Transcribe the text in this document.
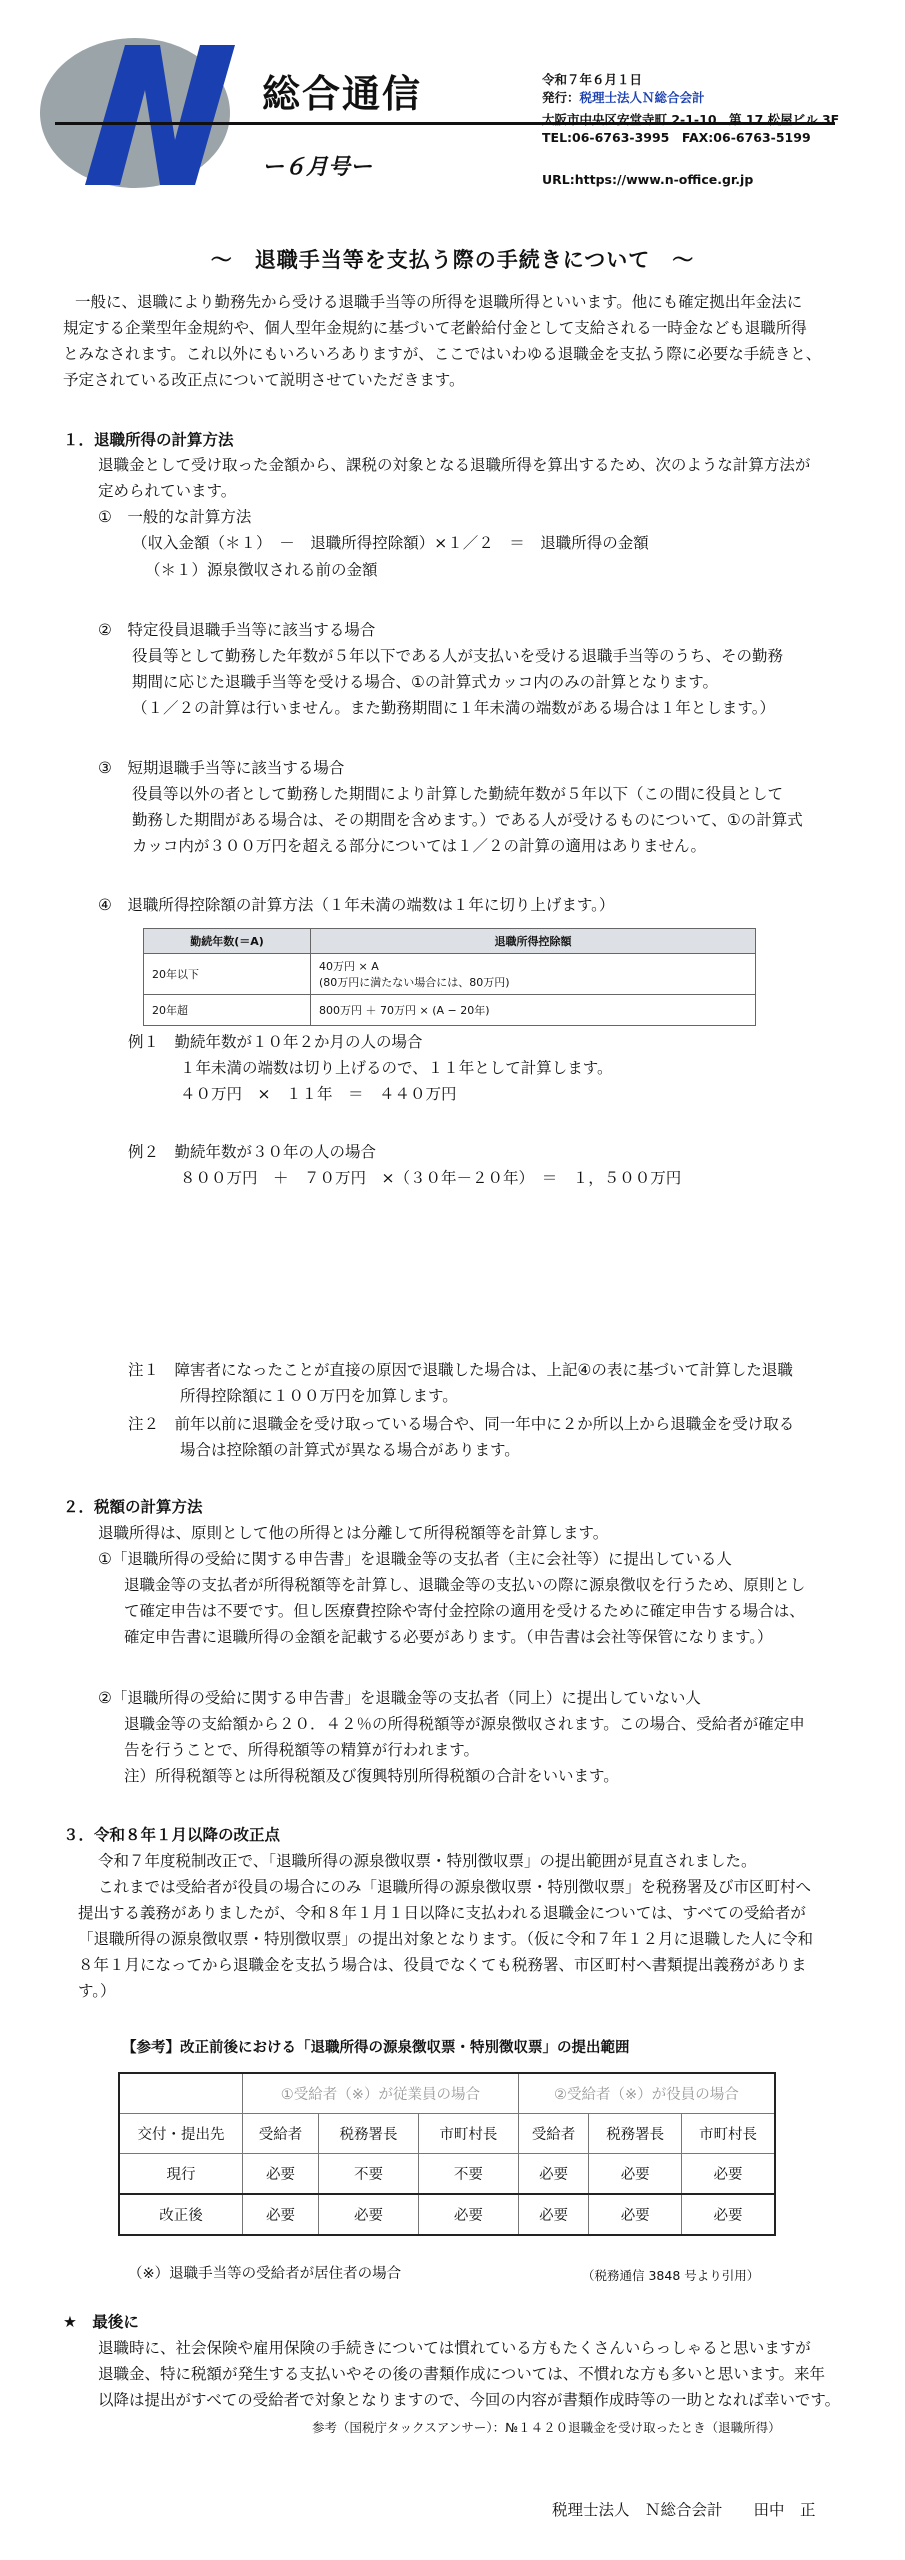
総合通信
ー６月号ー
令和７年６月１日
発行：税理士法人Ｎ総合会計
大阪市中央区安堂寺町 2-1-10　第 17 松屋ビル 3F
TEL:06-6763-3995　FAX:06-6763-5199
URL:https://www.n-office.gr.jp
〜　退職手当等を支払う際の手続きについて　〜
一般に、退職により勤務先から受ける退職手当等の所得を退職所得といいます。他にも確定拠出年金法に
規定する企業型年金規約や、個人型年金規約に基づいて老齢給付金として支給される一時金なども退職所得
とみなされます。これ以外にもいろいろありますが、ここではいわゆる退職金を支払う際に必要な手続きと、
予定されている改正点について説明させていただきます。
１．退職所得の計算方法
退職金として受け取った金額から、課税の対象となる退職所得を算出するため、次のような計算方法が
定められています。
①　一般的な計算方法
（収入金額（＊１）　－　退職所得控除額）×１／２　＝　退職所得の金額
（＊１）源泉徴収される前の金額
②　特定役員退職手当等に該当する場合
役員等として勤務した年数が５年以下である人が支払いを受ける退職手当等のうち、その勤務
期間に応じた退職手当等を受ける場合、①の計算式カッコ内のみの計算となります。
（１／２の計算は行いません。また勤務期間に１年未満の端数がある場合は１年とします。）
③　短期退職手当等に該当する場合
役員等以外の者として勤務した期間により計算した勤続年数が５年以下（この間に役員として
勤務した期間がある場合は、その期間を含めます。）である人が受けるものについて、①の計算式
カッコ内が３００万円を超える部分については１／２の計算の適用はありません。
④　退職所得控除額の計算方法（１年未満の端数は１年に切り上げます。）
勤続年数(＝A)	退職所得控除額
20年以下	40万円 × A
(80万円に満たない場合には、80万円)

20年超	800万円 ＋ 70万円 × (A − 20年)
例１　勤続年数が１０年２か月の人の場合
１年未満の端数は切り上げるので、１１年として計算します。
４０万円　×　１１年　＝　４４０万円
例２　勤続年数が３０年の人の場合
８００万円　＋　７０万円　×（３０年－２０年）　＝　１，５００万円
注１　障害者になったことが直接の原因で退職した場合は、上記④の表に基づいて計算した退職
所得控除額に１００万円を加算します。
注２　前年以前に退職金を受け取っている場合や、同一年中に２か所以上から退職金を受け取る
場合は控除額の計算式が異なる場合があります。
２．税額の計算方法
退職所得は、原則として他の所得とは分離して所得税額等を計算します。
①「退職所得の受給に関する申告書」を退職金等の支払者（主に会社等）に提出している人
退職金等の支払者が所得税額等を計算し、退職金等の支払いの際に源泉徴収を行うため、原則とし
て確定申告は不要です。但し医療費控除や寄付金控除の適用を受けるために確定申告する場合は、
確定申告書に退職所得の金額を記載する必要があります。（申告書は会社等保管になります。）
②「退職所得の受給に関する申告書」を退職金等の支払者（同上）に提出していない人
退職金等の支給額から２０．４２％の所得税額等が源泉徴収されます。この場合、受給者が確定申
告を行うことで、所得税額等の精算が行われます。
注）所得税額等とは所得税額及び復興特別所得税額の合計をいいます。
３．令和８年１月以降の改正点
令和７年度税制改正で、「退職所得の源泉徴収票・特別徴収票」の提出範囲が見直されました。
これまでは受給者が役員の場合にのみ「退職所得の源泉徴収票・特別徴収票」を税務署及び市区町村へ
提出する義務がありましたが、令和８年１月１日以降に支払われる退職金については、すべての受給者が
「退職所得の源泉徴収票・特別徴収票」の提出対象となります。（仮に令和７年１２月に退職した人に令和
８年１月になってから退職金を支払う場合は、役員でなくても税務署、市区町村へ書類提出義務がありま
す。）
【参考】改正前後における「退職所得の源泉徴収票・特別徴収票」の提出範囲
	①受給者（※）が従業員の場合			②受給者（※）が役員の場合		
交付・提出先	受給者	税務署長	市町村長	受給者	税務署長	市町村長
現行	必要	不要	不要	必要	必要	必要
改正後	必要	必要	必要	必要	必要	必要
（※）退職手当等の受給者が居住者の場合	（税務通信 3848 号より引用）
★　最後に
退職時に、社会保険や雇用保険の手続きについては慣れている方もたくさんいらっしゃると思いますが
退職金、特に税額が発生する支払いやその後の書類作成については、不慣れな方も多いと思います。来年
以降は提出がすべての受給者で対象となりますので、今回の内容が書類作成時等の一助となれば幸いです。
参考（国税庁タックスアンサー）：№１４２０退職金を受け取ったとき（退職所得）
税理士法人　Ｎ総合会計　　田中　正
